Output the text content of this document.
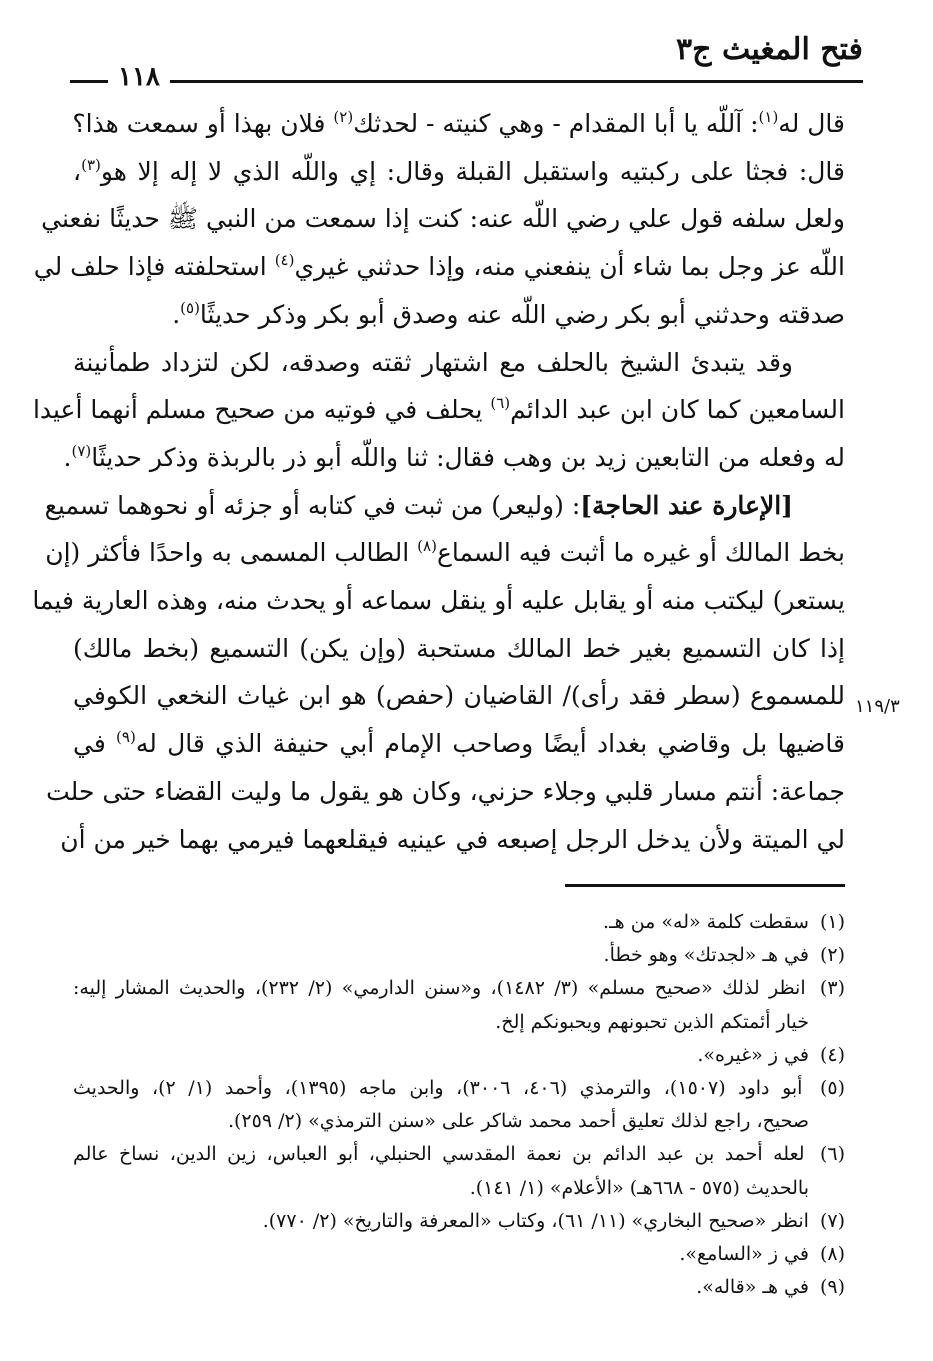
فتح المغيث ج٣
١١٨
١١٩/٣

قال له$^{(١)}$: آللّه يا أبا المقدام - وهي كنيته - لحدثك$^{(٢)}$ فلان بهذا أو سمعت هذا؟
قال: فجثا على ركبتيه واستقبل القبلة وقال: إي واللّه الذي لا إله إلا هو$^{(٣)}$،
ولعل سلفه قول علي رضي اللّه عنه: كنت إذا سمعت من النبي ﷺ حديثًا نفعني
اللّه عز وجل بما شاء أن ينفعني منه، وإذا حدثني غيري$^{(٤)}$ استحلفته فإذا حلف لي
صدقته وحدثني أبو بكر رضي اللّه عنه وصدق أبو بكر وذكر حديثًا$^{(٥)}$.

وقد يتبدئ الشيخ بالحلف مع اشتهار ثقته وصدقه، لكن لتزداد طمأنينة
السامعين كما كان ابن عبد الدائم$^{(٦)}$ يحلف في فوتيه من صحيح مسلم أنهما أعيدا
له وفعله من التابعين زيد بن وهب فقال: ثنا واللّه أبو ذر بالربذة وذكر حديثًا$^{(٧)}$.

[الإعارة عند الحاجة]: (وليعر) من ثبت في كتابه أو جزئه أو نحوهما تسميع
بخط المالك أو غيره ما أثبت فيه السماع$^{(٨)}$ الطالب المسمى به واحدًا فأكثر (إن
يستعر) ليكتب منه أو يقابل عليه أو ينقل سماعه أو يحدث منه، وهذه العارية فيما
إذا كان التسميع بغير خط المالك مستحبة (وإن يكن) التسميع (بخط مالك)
للمسموع (سطر فقد رأى)/ القاضيان (حفص) هو ابن غياث النخعي الكوفي
قاضيها بل وقاضي بغداد أيضًا وصاحب الإمام أبي حنيفة الذي قال له$^{(٩)}$ في
جماعة: أنتم مسار قلبي وجلاء حزني، وكان هو يقول ما وليت القضاء حتى حلت
لي الميتة ولأن يدخل الرجل إصبعه في عينيه فيقلعهما فيرمي بهما خير من أن

(١) سقطت كلمة «له» من هـ.

(٢) في هـ «لجدتك» وهو خطأ.

(٣) انظر لذلك «صحيح مسلم» (٣/ ١٤٨٢)، و«سنن الدارمي» (٢/ ٢٣٢)، والحديث المشار إليه:
خيار أئمتكم الذين تحبونهم ويحبونكم إلخ.

(٤) في ز «غيره».

(٥) أبو داود (١٥٠٧)، والترمذي (٤٠٦، ٣٠٠٦)، وابن ماجه (١٣٩٥)، وأحمد (١/ ٢)، والحديث
صحيح، راجع لذلك تعليق أحمد محمد شاكر على «سنن الترمذي» (٢/ ٢٥٩).

(٦) لعله أحمد بن عبد الدائم بن نعمة المقدسي الحنبلي، أبو العباس، زين الدين، نساخ عالم
بالحديث (٥٧٥ - ٦٦٨هـ) «الأعلام» (١/ ١٤١).

(٧) انظر «صحيح البخاري» (١١/ ٦١)، وكتاب «المعرفة والتاريخ» (٢/ ٧٧٠).

(٨) في ز «السامع».

(٩) في هـ «قاله».
